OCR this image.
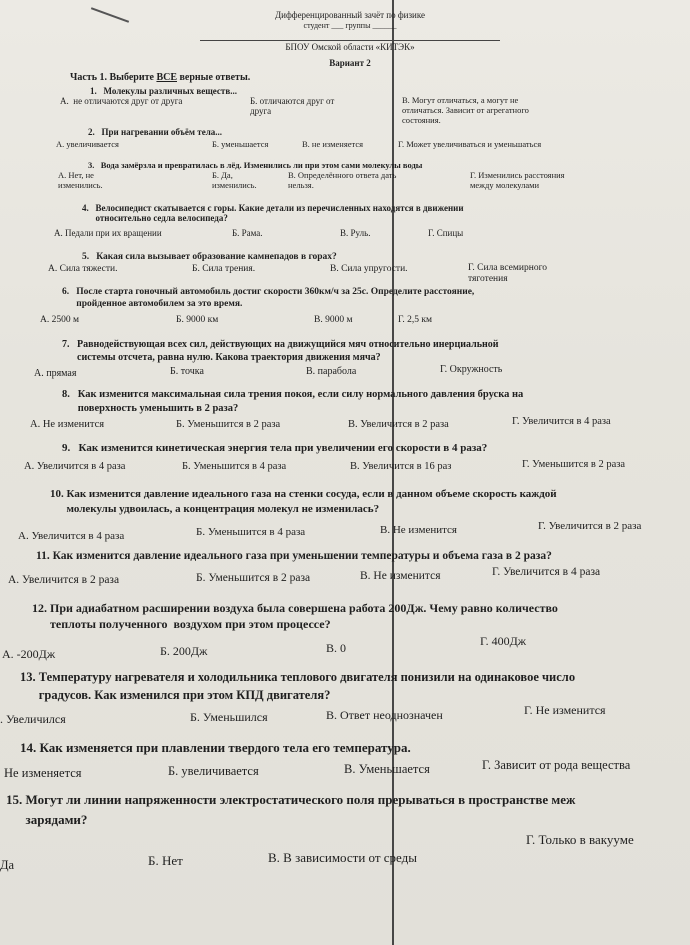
Дифференцированный зачёт по физике
студент ___ группы ______
БПОУ Омской области «КИТЭК»
Вариант 2
Часть 1. Выберите ВСЕ верные ответы.
1.   Молекулы различных веществ...
А.  не отличаются друг от друга	Б. отличаются друг от
друга
В. Могут отличаться, а могут не
отличаться. Зависит от агрегатного
состояния.
2.   При нагревании объём тела...
А. увеличивается	Б. уменьшается	В. не изменяется	Г. Может увеличиваться и уменьшаться
3.   Вода замёрзла и превратилась в лёд. Изменились ли при этом сами молекулы воды
А. Нет, не
изменились.
Б. Да,
изменились.
В. Определённого ответа дать
нельзя.
Г. Изменились расстояния
между молекулами
4.   Велосипедист скатывается с горы. Какие детали из перечисленных находятся в движении
относительно седла велосипеда?
А. Педали при их вращении	Б. Рама.	В. Руль.	Г. Спицы
5.   Какая сила вызывает образование камнепадов в горах?
А. Сила тяжести.	Б. Сила трения.	В. Сила упругости.	Г. Сила всемирного
тяготения
6.   После старта гоночный автомобиль достиг скорости 360км/ч за 25с. Определите расстояние,
пройденное автомобилем за это время.
А. 2500 м	Б. 9000 км	В. 9000 м	Г. 2,5 км
7.   Равнодействующая всех сил, действующих на движущийся мяч относительно инерциальной
системы отсчета, равна нулю. Какова траектория движения мяча?
А. прямая	Б. точка	В. парабола	Г. Окружность
8.   Как изменится максимальная сила трения покоя, если силу нормального давления бруска на
поверхность уменьшить в 2 раза?
А. Не изменится	Б. Уменьшится в 2 раза	В. Увеличится в 2 раза	Г. Увеличится в 4 раза
9.   Как изменится кинетическая энергия тела при увеличении его скорости в 4 раза?
А. Увеличится в 4 раза	Б. Уменьшится в 4 раза	В. Увеличится в 16 раз	Г. Уменьшится в 2 раза
10. Как изменится давление идеального газа на стенки сосуда, если в данном объеме скорость каждой
молекулы удвоилась, а концентрация молекул не изменилась?
А. Увеличится в 4 раза	Б. Уменьшится в 4 раза	В. Не изменится	Г. Увеличится в 2 раза
11. Как изменится давление идеального газа при уменьшении температуры и объема газа в 2 раза?
А. Увеличится в 2 раза	Б. Уменьшится в 2 раза	В. Не изменится	Г. Увеличится в 4 раза
12. При адиабатном расширении воздуха была совершена работа 200Дж. Чему равно количество
теплоты полученного  воздухом при этом процессе?
А. -200Дж	Б. 200Дж	В. 0	Г. 400Дж
13. Температуру нагревателя и холодильника теплового двигателя понизили на одинаковое число
градусов. Как изменился при этом КПД двигателя?
. Увеличился	Б. Уменьшился	В. Ответ неоднозначен	Г. Не изменится
14. Как изменяется при плавлении твердого тела его температура.
Не изменяется	Б. увеличивается	В. Уменьшается	Г. Зависит от рода вещества
15. Могут ли линии напряженности электростатического поля прерываться в пространстве меж
зарядами?
Да	Б. Нет	В. В зависимости от среды
Г. Только в вакууме
